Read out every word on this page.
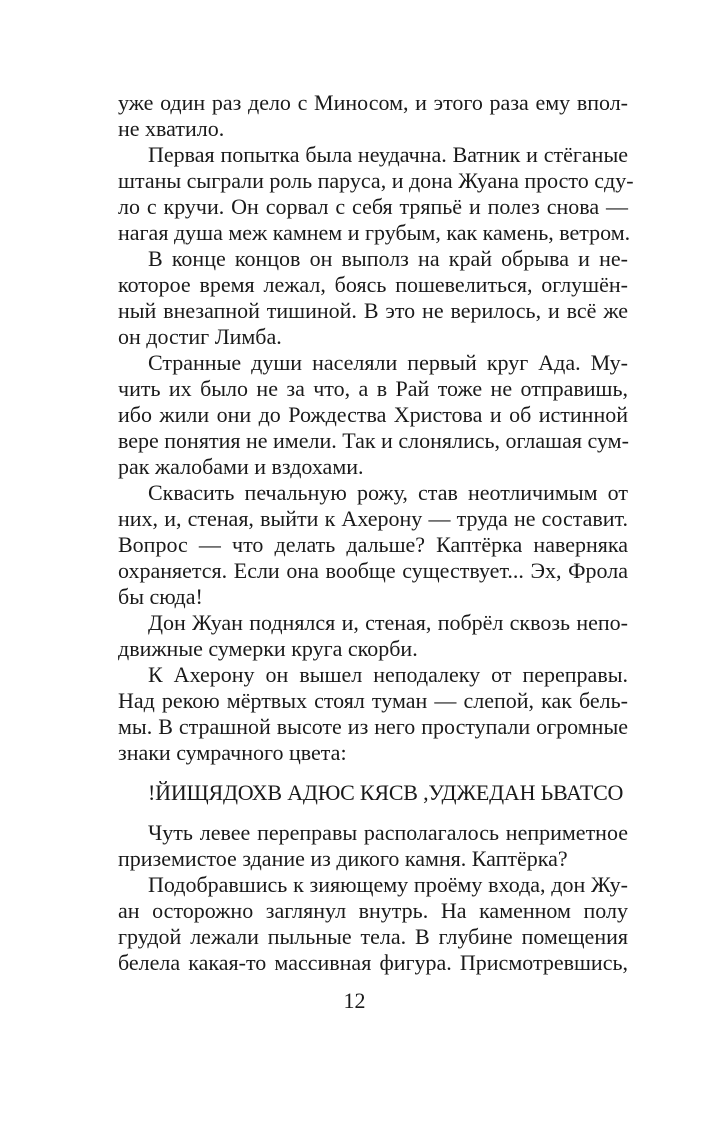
уже один раз дело с Миносом, и этого раза ему впол-
не хватило.
Первая попытка была неудачна. Ватник и стёганые
штаны сыграли роль паруса, и дона Жуана просто сду-
ло с кручи. Он сорвал с себя тряпьё и полез снова —
нагая душа меж камнем и грубым, как камень, ветром.
В конце концов он выполз на край обрыва и не-
которое время лежал, боясь пошевелиться, оглушён-
ный внезапной тишиной. В это не верилось, и всё же
он достиг Лимба.
Странные души населяли первый круг Ада. Му-
чить их было не за что, а в Рай тоже не отправишь,
ибо жили они до Рождества Христова и об истинной
вере понятия не имели. Так и слонялись, оглашая сум-
рак жалобами и вздохами.
Сквасить печальную рожу, став неотличимым от
них, и, стеная, выйти к Ахерону — труда не составит.
Вопрос — что делать дальше? Каптёрка наверняка
охраняется. Если она вообще существует... Эх, Фрола
бы сюда!
Дон Жуан поднялся и, стеная, побрёл сквозь непо-
движные сумерки круга скорби.
К Ахерону он вышел неподалеку от переправы.
Над рекою мёртвых стоял туман — слепой, как бель-
мы. В страшной высоте из него проступали огромные
знаки сумрачного цвета:
!ЙИЩЯДОХВ АДЮС КЯСВ ,УДЖЕДАН ЬВАТСО
Чуть левее переправы располагалось неприметное
приземистое здание из дикого камня. Каптёрка?
Подобравшись к зияющему проёму входа, дон Жу-
ан осторожно заглянул внутрь. На каменном полу
грудой лежали пыльные тела. В глубине помещения
белела какая-то массивная фигура. Присмотревшись,
12
